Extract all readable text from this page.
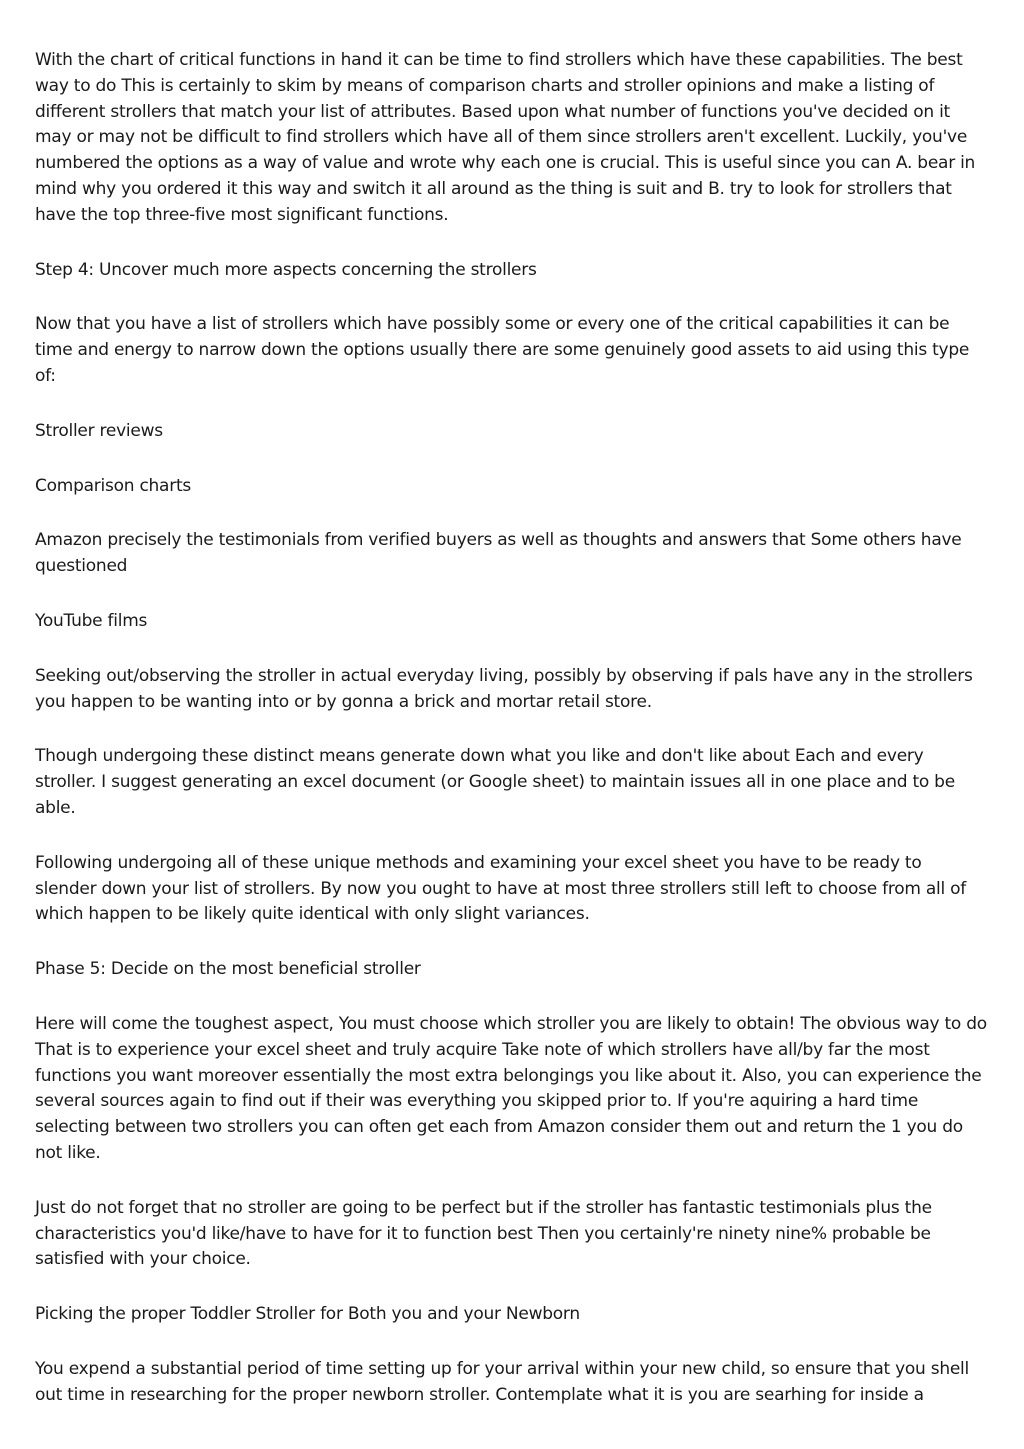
With the chart of critical functions in hand it can be time to find strollers which have these capabilities. The best way to do This is certainly to skim by means of comparison charts and stroller opinions and make a listing of different strollers that match your list of attributes. Based upon what number of functions you've decided on it may or may not be difficult to find strollers which have all of them since strollers aren't excellent. Luckily, you've numbered the options as a way of value and wrote why each one is crucial. This is useful since you can A. bear in mind why you ordered it this way and switch it all around as the thing is suit and B. try to look for strollers that have the top three-five most significant functions.

Step 4: Uncover much more aspects concerning the strollers

Now that you have a list of strollers which have possibly some or every one of the critical capabilities it can be time and energy to narrow down the options usually there are some genuinely good assets to aid using this type of:

Stroller reviews

Comparison charts

Amazon precisely the testimonials from verified buyers as well as thoughts and answers that Some others have questioned

YouTube films

Seeking out/observing the stroller in actual everyday living, possibly by observing if pals have any in the strollers you happen to be wanting into or by gonna a brick and mortar retail store.

Though undergoing these distinct means generate down what you like and don't like about Each and every stroller. I suggest generating an excel document (or Google sheet) to maintain issues all in one place and to be able.

Following undergoing all of these unique methods and examining your excel sheet you have to be ready to slender down your list of strollers. By now you ought to have at most three strollers still left to choose from all of which happen to be likely quite identical with only slight variances.

Phase 5: Decide on the most beneficial stroller

Here will come the toughest aspect, You must choose which stroller you are likely to obtain! The obvious way to do That is to experience your excel sheet and truly acquire Take note of which strollers have all/by far the most functions you want moreover essentially the most extra belongings you like about it. Also, you can experience the several sources again to find out if their was everything you skipped prior to. If you're aquiring a hard time selecting between two strollers you can often get each from Amazon consider them out and return the 1 you do not like.

Just do not forget that no stroller are going to be perfect but if the stroller has fantastic testimonials plus the characteristics you'd like/have to have for it to function best Then you certainly're ninety nine% probable be satisfied with your choice.

Picking the proper Toddler Stroller for Both you and your Newborn

You expend a substantial period of time setting up for your arrival within your new child, so ensure that you shell out time in researching for the proper newborn stroller. Contemplate what it is you are searhing for inside a
